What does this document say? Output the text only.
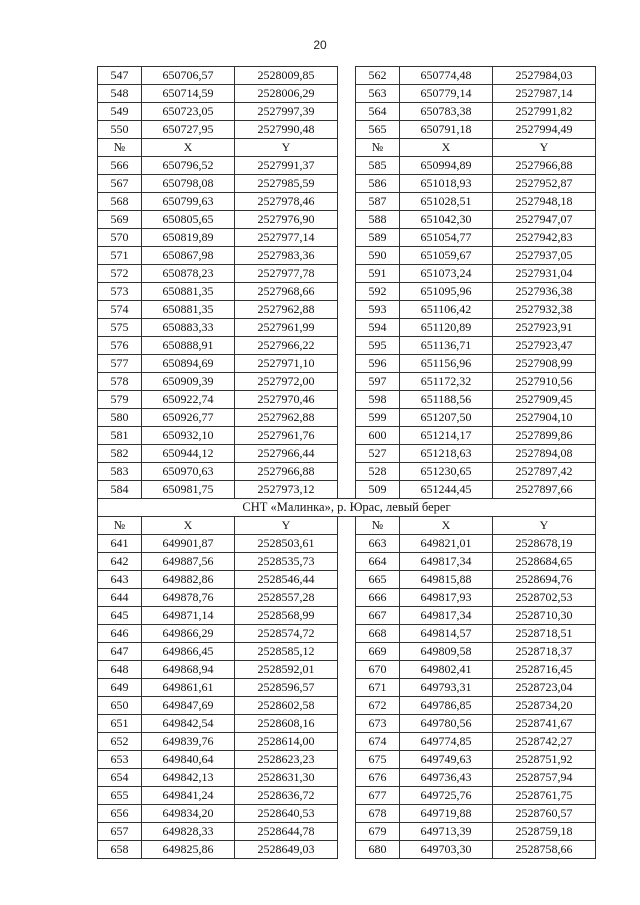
20
547	650706,57	2528009,85		562	650774,48	2527984,03
548	650714,59	2528006,29		563	650779,14	2527987,14
549	650723,05	2527997,39		564	650783,38	2527991,82
550	650727,95	2527990,48		565	650791,18	2527994,49
№	X	Y		№	X	Y
566	650796,52	2527991,37		585	650994,89	2527966,88
567	650798,08	2527985,59		586	651018,93	2527952,87
568	650799,63	2527978,46		587	651028,51	2527948,18
569	650805,65	2527976,90		588	651042,30	2527947,07
570	650819,89	2527977,14		589	651054,77	2527942,83
571	650867,98	2527983,36		590	651059,67	2527937,05
572	650878,23	2527977,78		591	651073,24	2527931,04
573	650881,35	2527968,66		592	651095,96	2527936,38
574	650881,35	2527962,88		593	651106,42	2527932,38
575	650883,33	2527961,99		594	651120,89	2527923,91
576	650888,91	2527966,22		595	651136,71	2527923,47
577	650894,69	2527971,10		596	651156,96	2527908,99
578	650909,39	2527972,00		597	651172,32	2527910,56
579	650922,74	2527970,46		598	651188,56	2527909,45
580	650926,77	2527962,88		599	651207,50	2527904,10
581	650932,10	2527961,76		600	651214,17	2527899,86
582	650944,12	2527966,44		527	651218,63	2527894,08
583	650970,63	2527966,88		528	651230,65	2527897,42
584	650981,75	2527973,12		509	651244,45	2527897,66
СНТ «Малинка», р. Юрас, левый берег						
№	X	Y		№	X	Y
641	649901,87	2528503,61		663	649821,01	2528678,19
642	649887,56	2528535,73		664	649817,34	2528684,65
643	649882,86	2528546,44		665	649815,88	2528694,76
644	649878,76	2528557,28		666	649817,93	2528702,53
645	649871,14	2528568,99		667	649817,34	2528710,30
646	649866,29	2528574,72		668	649814,57	2528718,51
647	649866,45	2528585,12		669	649809,58	2528718,37
648	649868,94	2528592,01		670	649802,41	2528716,45
649	649861,61	2528596,57		671	649793,31	2528723,04
650	649847,69	2528602,58		672	649786,85	2528734,20
651	649842,54	2528608,16		673	649780,56	2528741,67
652	649839,76	2528614,00		674	649774,85	2528742,27
653	649840,64	2528623,23		675	649749,63	2528751,92
654	649842,13	2528631,30		676	649736,43	2528757,94
655	649841,24	2528636,72		677	649725,76	2528761,75
656	649834,20	2528640,53		678	649719,88	2528760,57
657	649828,33	2528644,78		679	649713,39	2528759,18
658	649825,86	2528649,03		680	649703,30	2528758,66
